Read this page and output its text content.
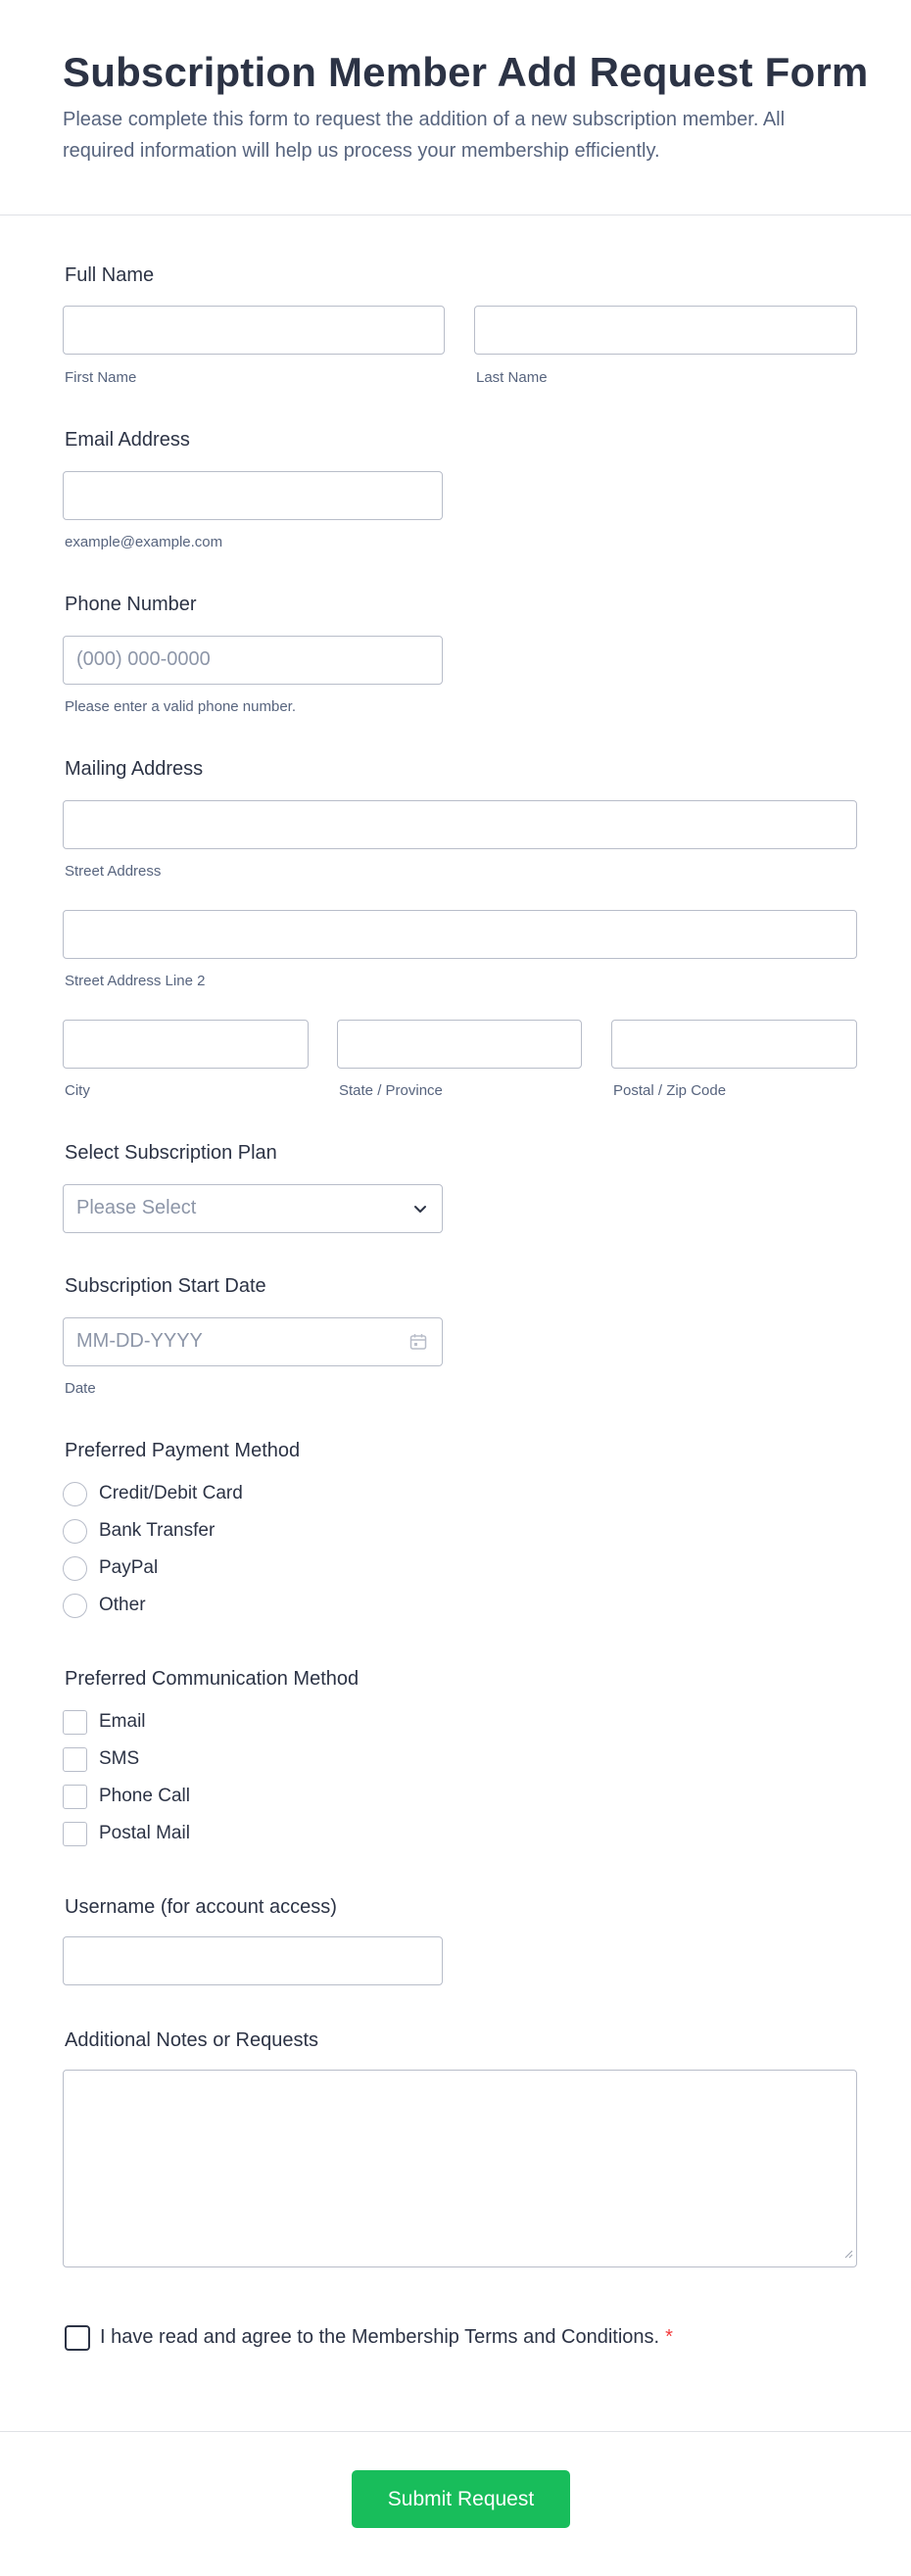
Subscription Member Add Request Form
Please complete this form to request the addition of a new subscription member. All required information will help us process your membership efficiently.
Full Name
First Name	Last Name
Email Address
example@example.com
Phone Number
(000) 000-0000
Please enter a valid phone number.
Mailing Address
Street Address
Street Address Line 2
City	State / Province	Postal / Zip Code
Select Subscription Plan
Please Select
Subscription Start Date
MM-DD-YYYY
Date
Preferred Payment Method
Credit/Debit Card
Bank Transfer
PayPal
Other
Preferred Communication Method
Email
SMS
Phone Call
Postal Mail
Username (for account access)
Additional Notes or Requests
I have read and agree to the Membership Terms and Conditions. *
Submit Request
